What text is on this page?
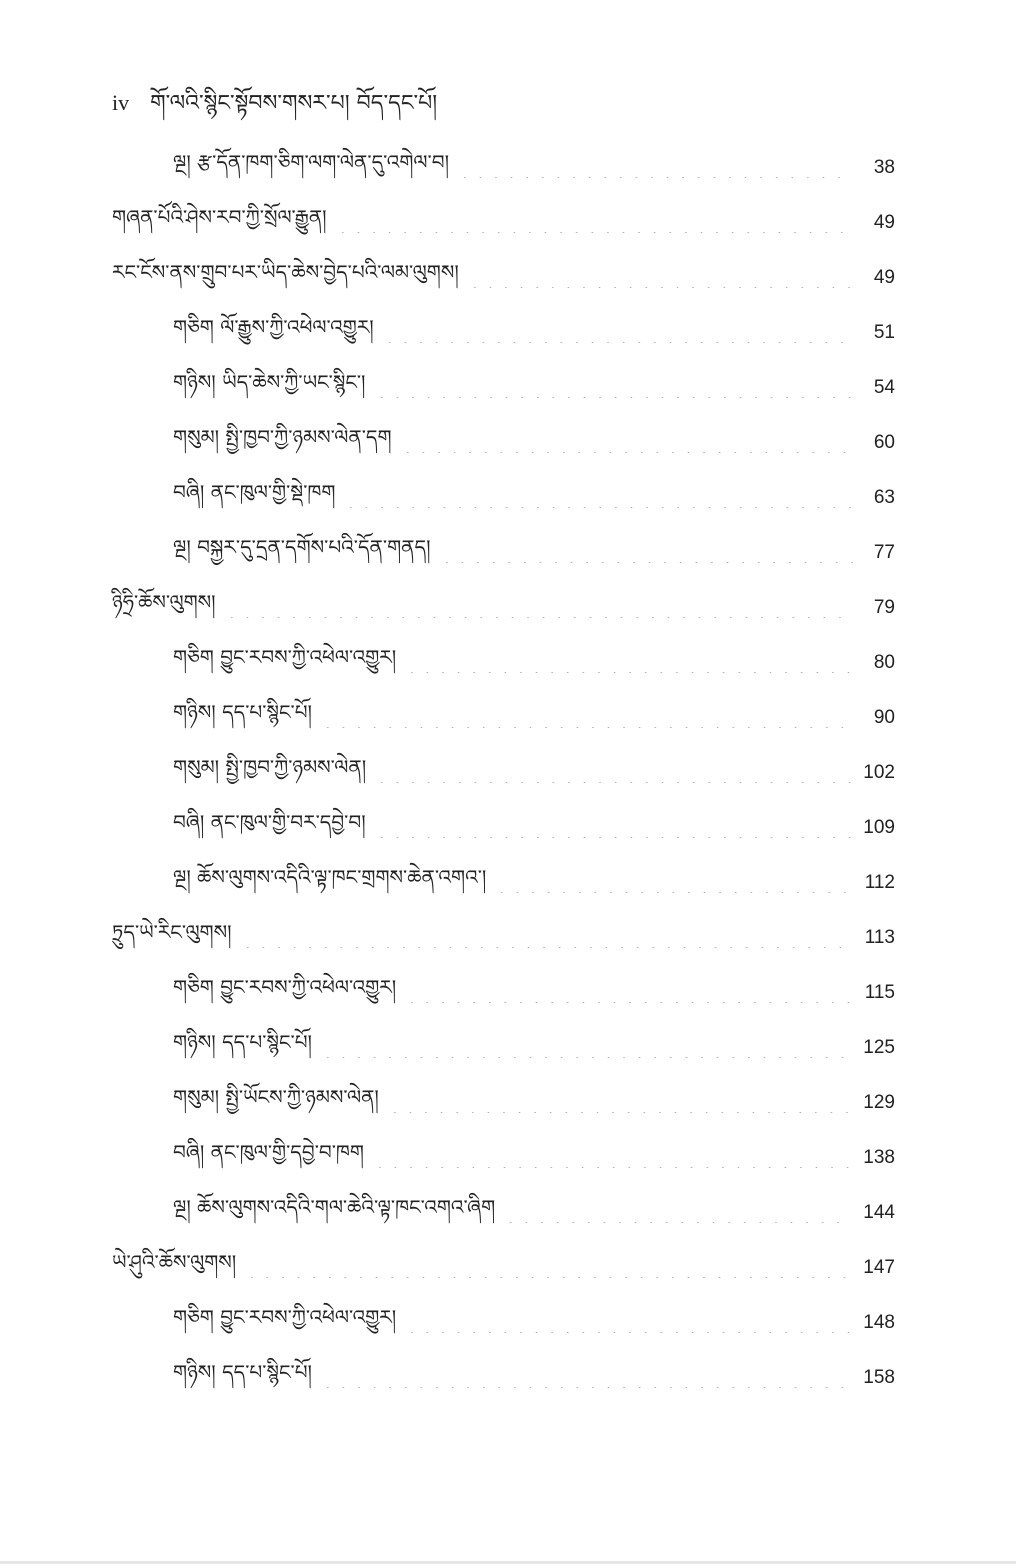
iv གོ་ལའི་སྙིང་སྟོབས་གསར་པ། བོད་དང་པོ།
ལྔ། རྩ་དོན་ཁག་ཅིག་ལག་ལེན་དུ་འགེལ་བ།	38
གཞན་པོའི་ཤེས་རབ་ཀྱི་སྲོལ་རྒྱུན།	49
རང་ངོས་ནས་གྲུབ་པར་ཡིད་ཆེས་བྱེད་པའི་ལམ་ལུགས།	49
གཅིག ལོ་རྒྱུས་ཀྱི་འཕེལ་འགྱུར།	51
གཉིས། ཡིད་ཆེས་ཀྱི་ཡང་སྙིང་།	54
གསུམ། སྤྱི་ཁྱབ་ཀྱི་ཉམས་ལེན་དག	60
བཞི། ནང་ཁུལ་གྱི་སྡེ་ཁག	63
ལྔ། བསྐྱར་དུ་དྲན་དགོས་པའི་དོན་གནད།	77
ཉིཧྲི་ཆོས་ལུགས།	79
གཅིག བྱུང་རབས་ཀྱི་འཕེལ་འགྱུར།	80
གཉིས། དད་པ་སྙིང་པོ།	90
གསུམ། སྤྱི་ཁྱབ་ཀྱི་ཉམས་ལེན།	102
བཞི། ནང་ཁུལ་གྱི་བར་དབྱེ་བ།	109
ལྔ། ཆོས་ལུགས་འདིའི་ལྟ་ཁང་གྲགས་ཆེན་འགའ་།	112
ཏྲུད་ཡེ་རིང་ལུགས།	113
གཅིག བྱུང་རབས་ཀྱི་འཕེལ་འགྱུར།	115
གཉིས། དད་པ་སྙིང་པོ།	125
གསུམ། སྤྱི་ཡོངས་ཀྱི་ཉམས་ལེན།	129
བཞི། ནང་ཁུལ་གྱི་དབྱེ་བ་ཁག	138
ལྔ། ཆོས་ལུགས་འདིའི་གལ་ཆེའི་ལྟ་ཁང་འགའ་ཞིག	144
ཡེ་ཤུའི་ཆོས་ལུགས།	147
གཅིག བྱུང་རབས་ཀྱི་འཕེལ་འགྱུར།	148
གཉིས། དད་པ་སྙིང་པོ།	158
